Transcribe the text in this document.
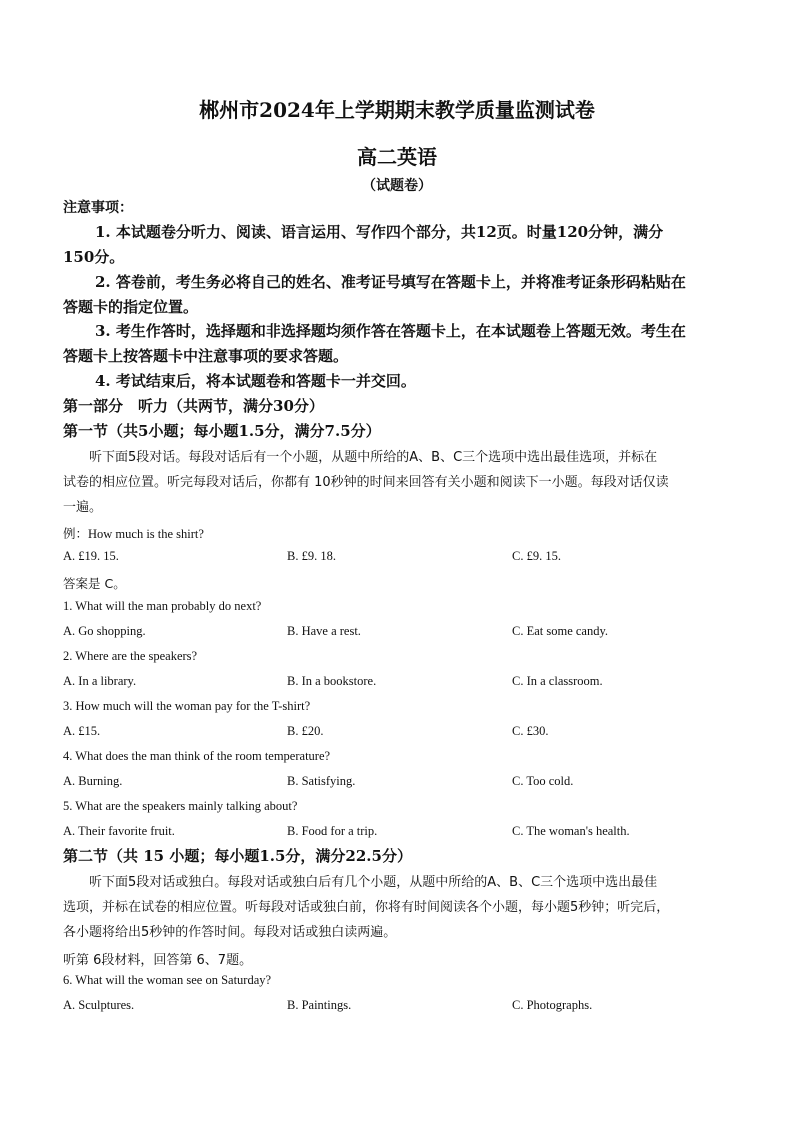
郴州市2024年上学期期末教学质量监测试卷
高二英语
（试题卷）
注意事项：
1. 本试题卷分听力、阅读、语言运用、写作四个部分，共12页。时量120分钟，满分
150分。
2. 答卷前，考生务必将自己的姓名、准考证号填写在答题卡上，并将准考证条形码粘贴在
答题卡的指定位置。
3. 考生作答时，选择题和非选择题均须作答在答题卡上，在本试题卷上答题无效。考生在
答题卡上按答题卡中注意事项的要求答题。
4. 考试结束后，将本试题卷和答题卡一并交回。
第一部分　听力（共两节，满分30分）
第一节（共5小题；每小题1.5分，满分7.5分）
听下面5段对话。每段对话后有一个小题，从题中所给的A、B、C三个选项中选出最佳选项，并标在
试卷的相应位置。听完每段对话后，你都有 10秒钟的时间来回答有关小题和阅读下一小题。每段对话仅读
一遍。
例：How much is the shirt?
A. £19. 15.	B. £9. 18.	C. £9. 15.
答案是 C。
1. What will the man probably do next?
A. Go shopping.	B. Have a rest.	C. Eat some candy.
2. Where are the speakers?
A. In a library.	B. In a bookstore.	C. In a classroom.
3. How much will the woman pay for the T-shirt?
A. £15.	B. £20.	C. £30.
4. What does the man think of the room temperature?
A. Burning.	B. Satisfying.	C. Too cold.
5. What are the speakers mainly talking about?
A. Their favorite fruit.	B. Food for a trip.	C. The woman's health.
第二节（共 15 小题；每小题1.5分，满分22.5分）
听下面5段对话或独白。每段对话或独白后有几个小题，从题中所给的A、B、C三个选项中选出最佳
选项，并标在试卷的相应位置。听每段对话或独白前，你将有时间阅读各个小题，每小题5秒钟；听完后，
各小题将给出5秒钟的作答时间。每段对话或独白读两遍。
听第 6段材料，回答第 6、7题。
6. What will the woman see on Saturday?
A. Sculptures.	B. Paintings.	C. Photographs.
